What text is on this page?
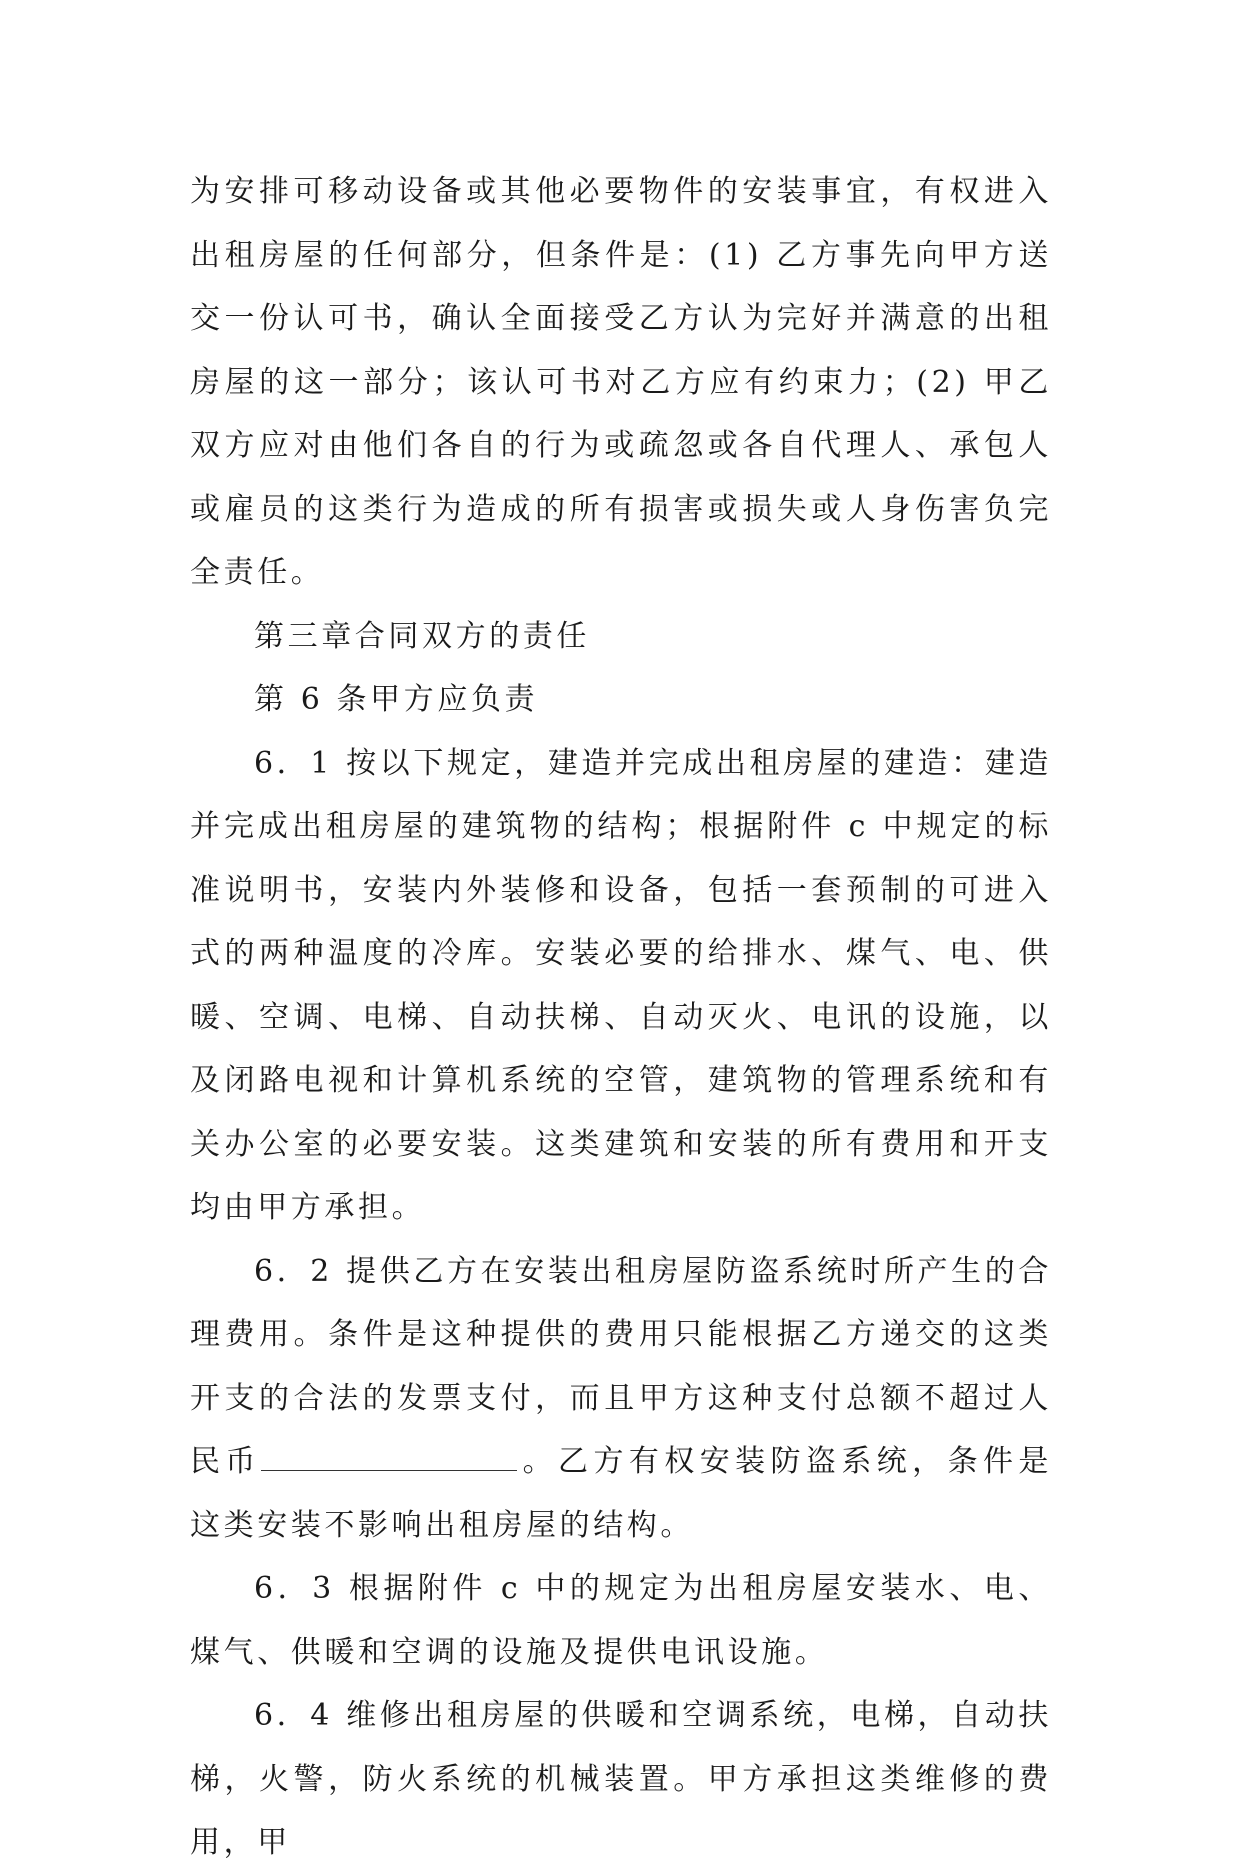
为安排可移动设备或其他必要物件的安装事宜，有权进入出租房屋的任何部分，但条件是：(1) 乙方事先向甲方送交一份认可书，确认全面接受乙方认为完好并满意的出租房屋的这一部分；该认可书对乙方应有约束力；(2) 甲乙双方应对由他们各自的行为或疏忽或各自代理人、承包人或雇员的这类行为造成的所有损害或损失或人身伤害负完全责任。

第三章合同双方的责任

第 6 条甲方应负责

6．1 按以下规定，建造并完成出租房屋的建造：建造并完成出租房屋的建筑物的结构；根据附件 c 中规定的标准说明书，安装内外装修和设备，包括一套预制的可进入式的两种温度的冷库。安装必要的给排水、煤气、电、供暖、空调、电梯、自动扶梯、自动灭火、电讯的设施，以及闭路电视和计算机系统的空管，建筑物的管理系统和有关办公室的必要安装。这类建筑和安装的所有费用和开支均由甲方承担。

6．2 提供乙方在安装出租房屋防盗系统时所产生的合理费用。条件是这种提供的费用只能根据乙方递交的这类开支的合法的发票支付，而且甲方这种支付总额不超过人民币	。乙方有权安装防盗系统，条件是这类安装不影响出租房屋的结构。

6．3 根据附件 c 中的规定为出租房屋安装水、电、煤气、供暖和空调的设施及提供电讯设施。

6．4 维修出租房屋的供暖和空调系统，电梯，自动扶梯，火警，防火系统的机械装置。甲方承担这类维修的费用，甲
